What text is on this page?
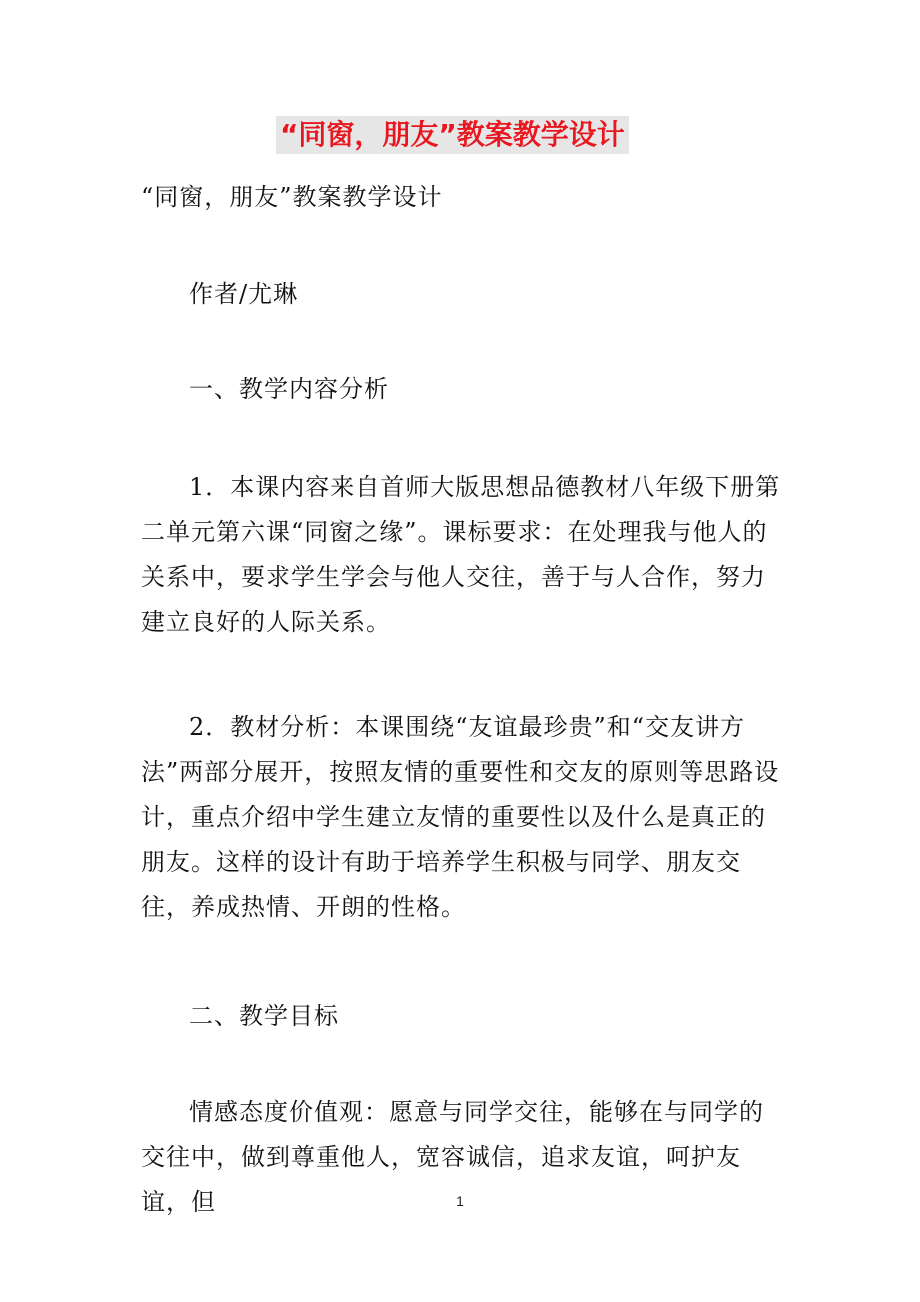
“同窗，朋友”教案教学设计

“同窗，朋友”教案教学设计

作者/尤琳

一、教学内容分析

1．本课内容来自首师大版思想品德教材八年级下册第二单元第六课“同窗之缘”。课标要求：在处理我与他人的关系中，要求学生学会与他人交往，善于与人合作，努力建立良好的人际关系。

2．教材分析：本课围绕“友谊最珍贵”和“交友讲方法”两部分展开，按照友情的重要性和交友的原则等思路设计，重点介绍中学生建立友情的重要性以及什么是真正的朋友。这样的设计有助于培养学生积极与同学、朋友交往，养成热情、开朗的性格。

二、教学目标

情感态度价值观：愿意与同学交往，能够在与同学的交往中，做到尊重他人，宽容诚信，追求友谊，呵护友谊，但	1
